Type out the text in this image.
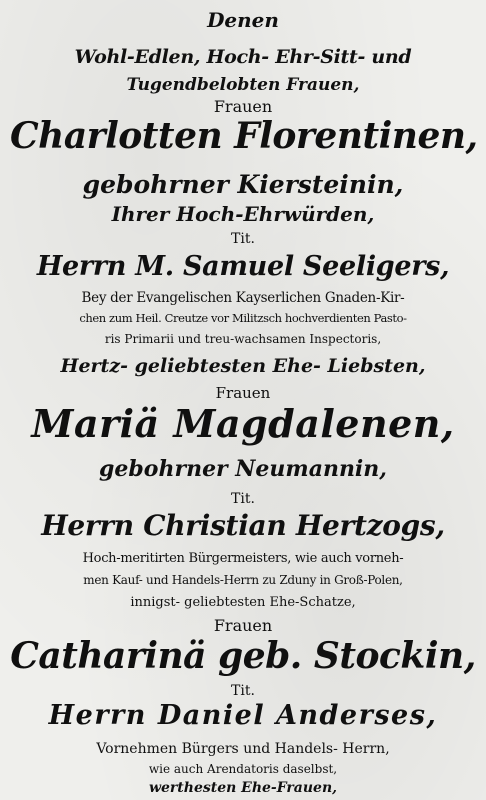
Denen
Wohl-Edlen, Hoch- Ehr-Sitt- und
Tugendbelobten Frauen,
Frauen
Charlotten Florentinen,
gebohrner Kiersteinin,
Ihrer Hoch-Ehrwürden,
Tit.
Herrn M. Samuel Seeligers,
Bey der Evangelischen Kayserlichen Gnaden-Kir-
chen zum Heil. Creutze vor Militzsch hochverdienten Pasto-
ris Primarii und treu-wachsamen Inspectoris,
Hertz- geliebtesten Ehe- Liebsten,
Frauen
Mariä Magdalenen,
gebohrner Neumannin,
Tit.
Herrn Christian Hertzogs,
Hoch-meritirten Bürgermeisters, wie auch vorneh-
men Kauf- und Handels-Herrn zu Zduny in Groß-Polen,
innigst- geliebtesten Ehe-Schatze,
Frauen
Catharinä geb. Stockin,
Tit.
Herrn Daniel Anderses,
Vornehmen Bürgers und Handels- Herrn,
wie auch Arendatoris daselbst,
werthesten Ehe-Frauen,
